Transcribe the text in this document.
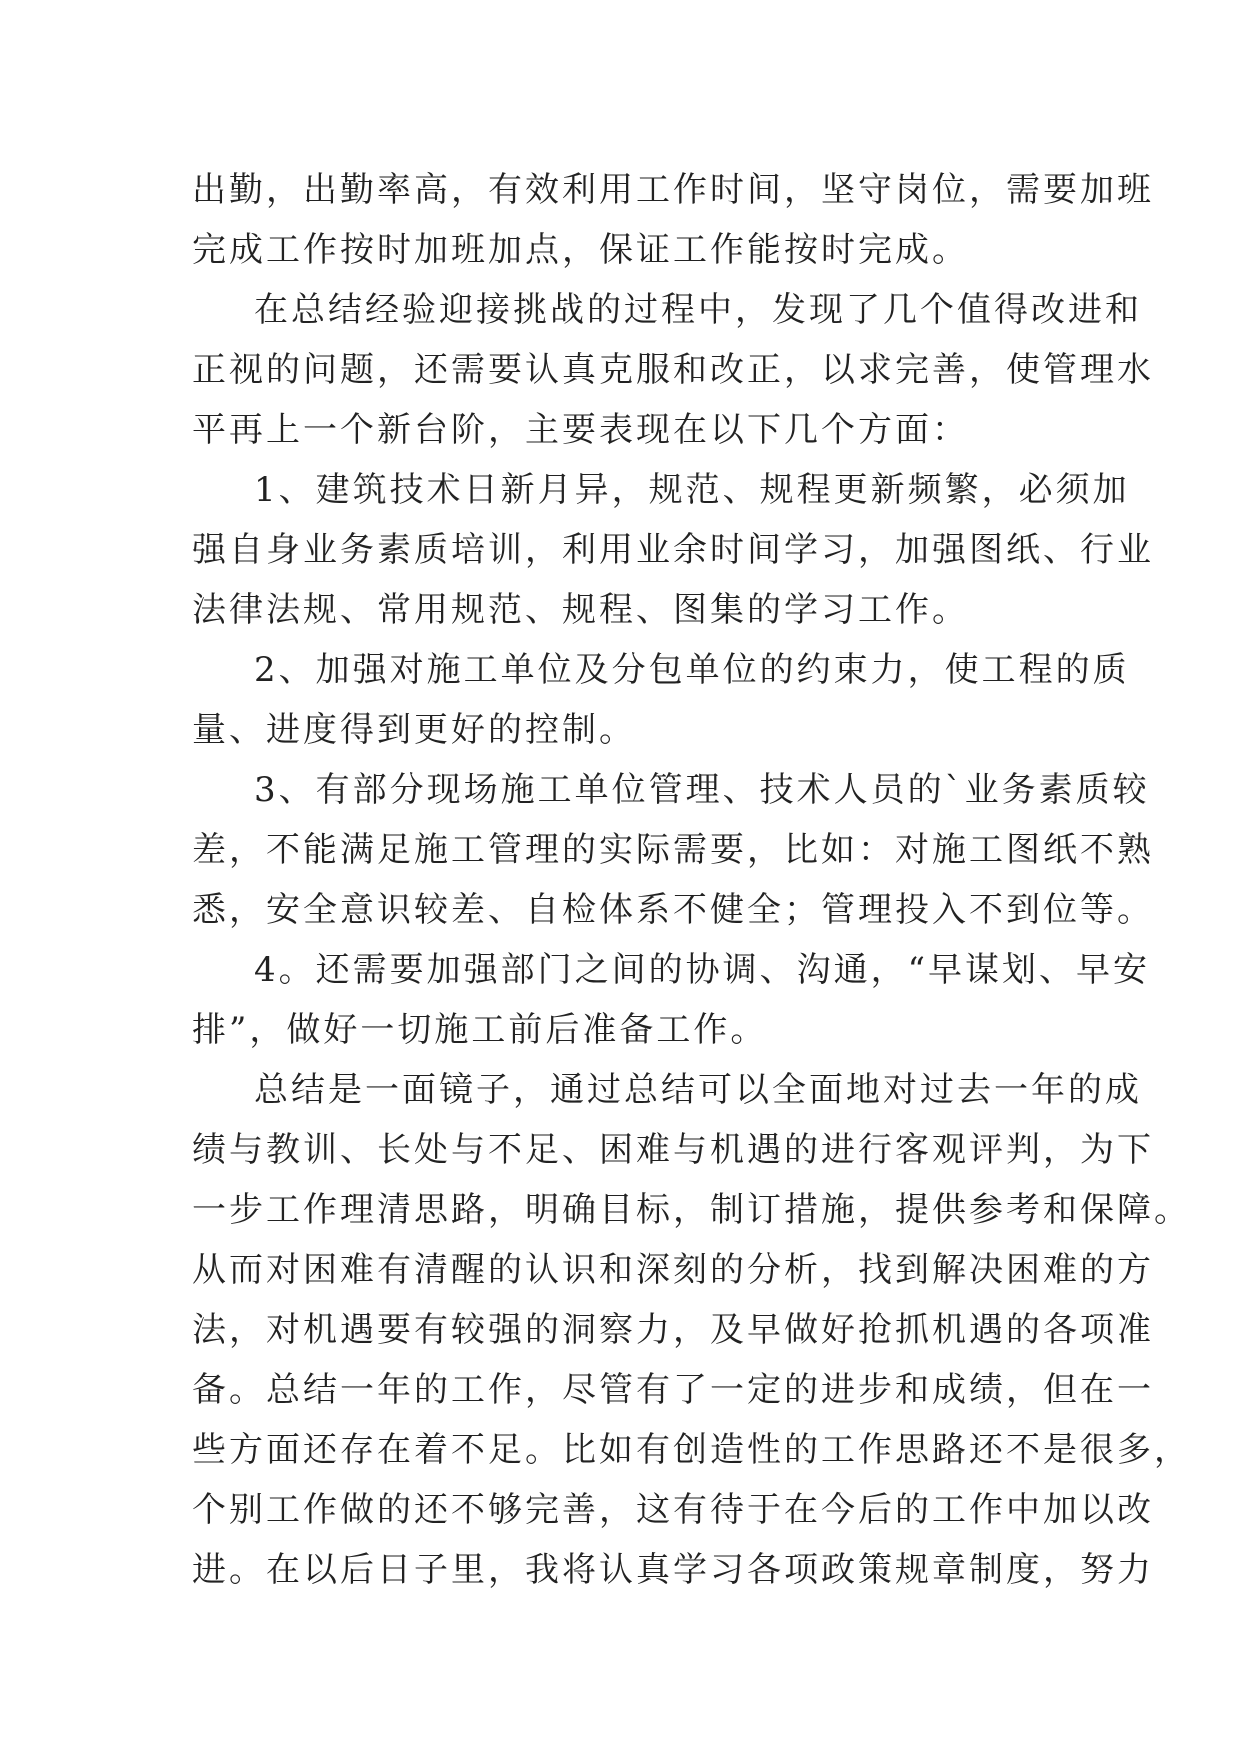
出勤，出勤率高，有效利用工作时间，坚守岗位，需要加班
完成工作按时加班加点，保证工作能按时完成。
在总结经验迎接挑战的过程中，发现了几个值得改进和
正视的问题，还需要认真克服和改正，以求完善，使管理水
平再上一个新台阶，主要表现在以下几个方面：
1、建筑技术日新月异，规范、规程更新频繁，必须加
强自身业务素质培训，利用业余时间学习，加强图纸、行业
法律法规、常用规范、规程、图集的学习工作。
2、加强对施工单位及分包单位的约束力，使工程的质
量、进度得到更好的控制。
3、有部分现场施工单位管理、技术人员的`业务素质较
差，不能满足施工管理的实际需要，比如：对施工图纸不熟
悉，安全意识较差、自检体系不健全；管理投入不到位等。
4。还需要加强部门之间的协调、沟通，“早谋划、早安
排”，做好一切施工前后准备工作。
总结是一面镜子，通过总结可以全面地对过去一年的成
绩与教训、长处与不足、困难与机遇的进行客观评判，为下
一步工作理清思路，明确目标，制订措施，提供参考和保障。
从而对困难有清醒的认识和深刻的分析，找到解决困难的方
法，对机遇要有较强的洞察力，及早做好抢抓机遇的各项准
备。总结一年的工作，尽管有了一定的进步和成绩，但在一
些方面还存在着不足。比如有创造性的工作思路还不是很多，
个别工作做的还不够完善，这有待于在今后的工作中加以改
进。在以后日子里，我将认真学习各项政策规章制度，努力
